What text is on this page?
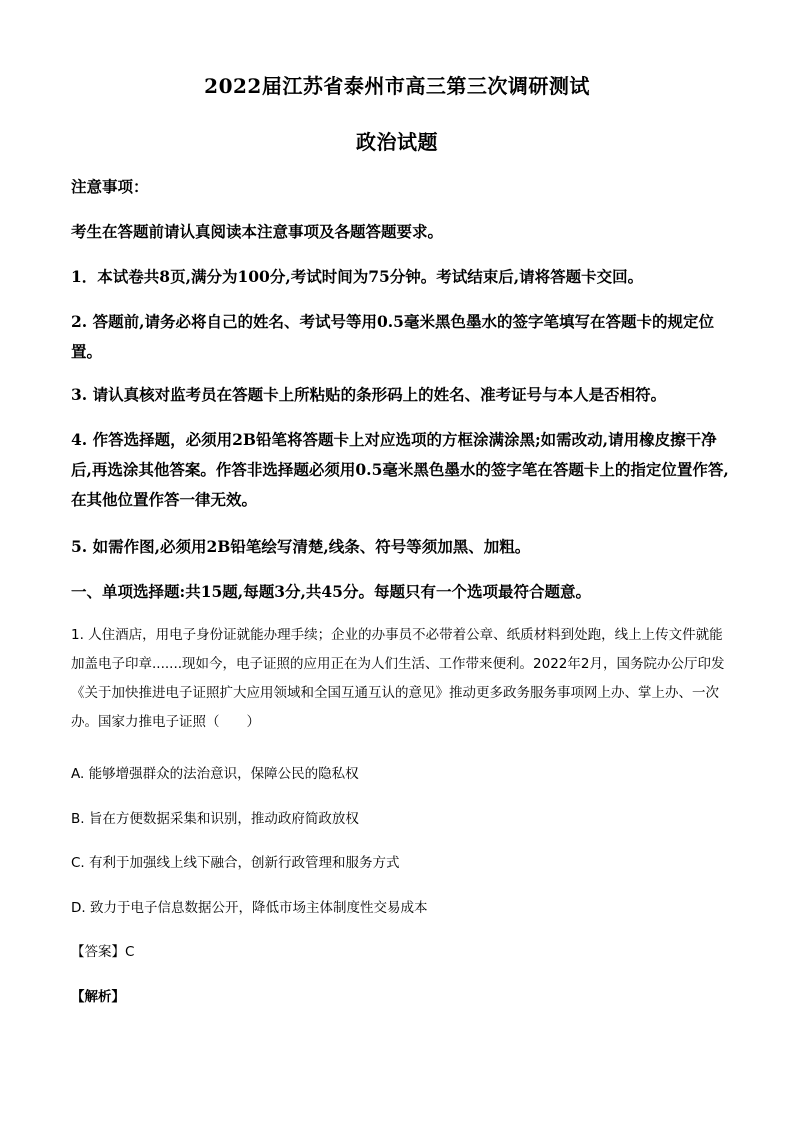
2022届江苏省泰州市高三第三次调研测试
政治试题
注意事项：
考生在答题前请认真阅读本注意事项及各题答题要求。
1．本试卷共8页,满分为100分,考试时间为75分钟。考试结束后,请将答题卡交回。
2. 答题前,请务必将自己的姓名、考试号等用0.5毫米黑色墨水的签字笔填写在答题卡的规定位置。
3. 请认真核对监考员在答题卡上所粘贴的条形码上的姓名、准考证号与本人是否相符。
4. 作答选择题，必须用2B铅笔将答题卡上对应选项的方框涂满涂黑;如需改动,请用橡皮擦干净后,再选涂其他答案。作答非选择题必须用0.5毫米黑色墨水的签字笔在答题卡上的指定位置作答,在其他位置作答一律无效。
5. 如需作图,必须用2B铅笔绘写清楚,线条、符号等须加黑、加粗。
一、单项选择题:共15题,每题3分,共45分。每题只有一个选项最符合题意。
1. 人住酒店，用电子身份证就能办理手续；企业的办事员不必带着公章、纸质材料到处跑，线上上传文件就能加盖电子印章.......现如今，电子证照的应用正在为人们生活、工作带来便利。2022年2月，国务院办公厅印发《关于加快推进电子证照扩大应用领域和全国互通互认的意见》推动更多政务服务事项网上办、掌上办、一次办。国家力推电子证照（　　）
A. 能够增强群众的法治意识，保障公民的隐私权
B. 旨在方便数据采集和识别，推动政府简政放权
C. 有利于加强线上线下融合，创新行政管理和服务方式
D. 致力于电子信息数据公开，降低市场主体制度性交易成本
【答案】C
【解析】
